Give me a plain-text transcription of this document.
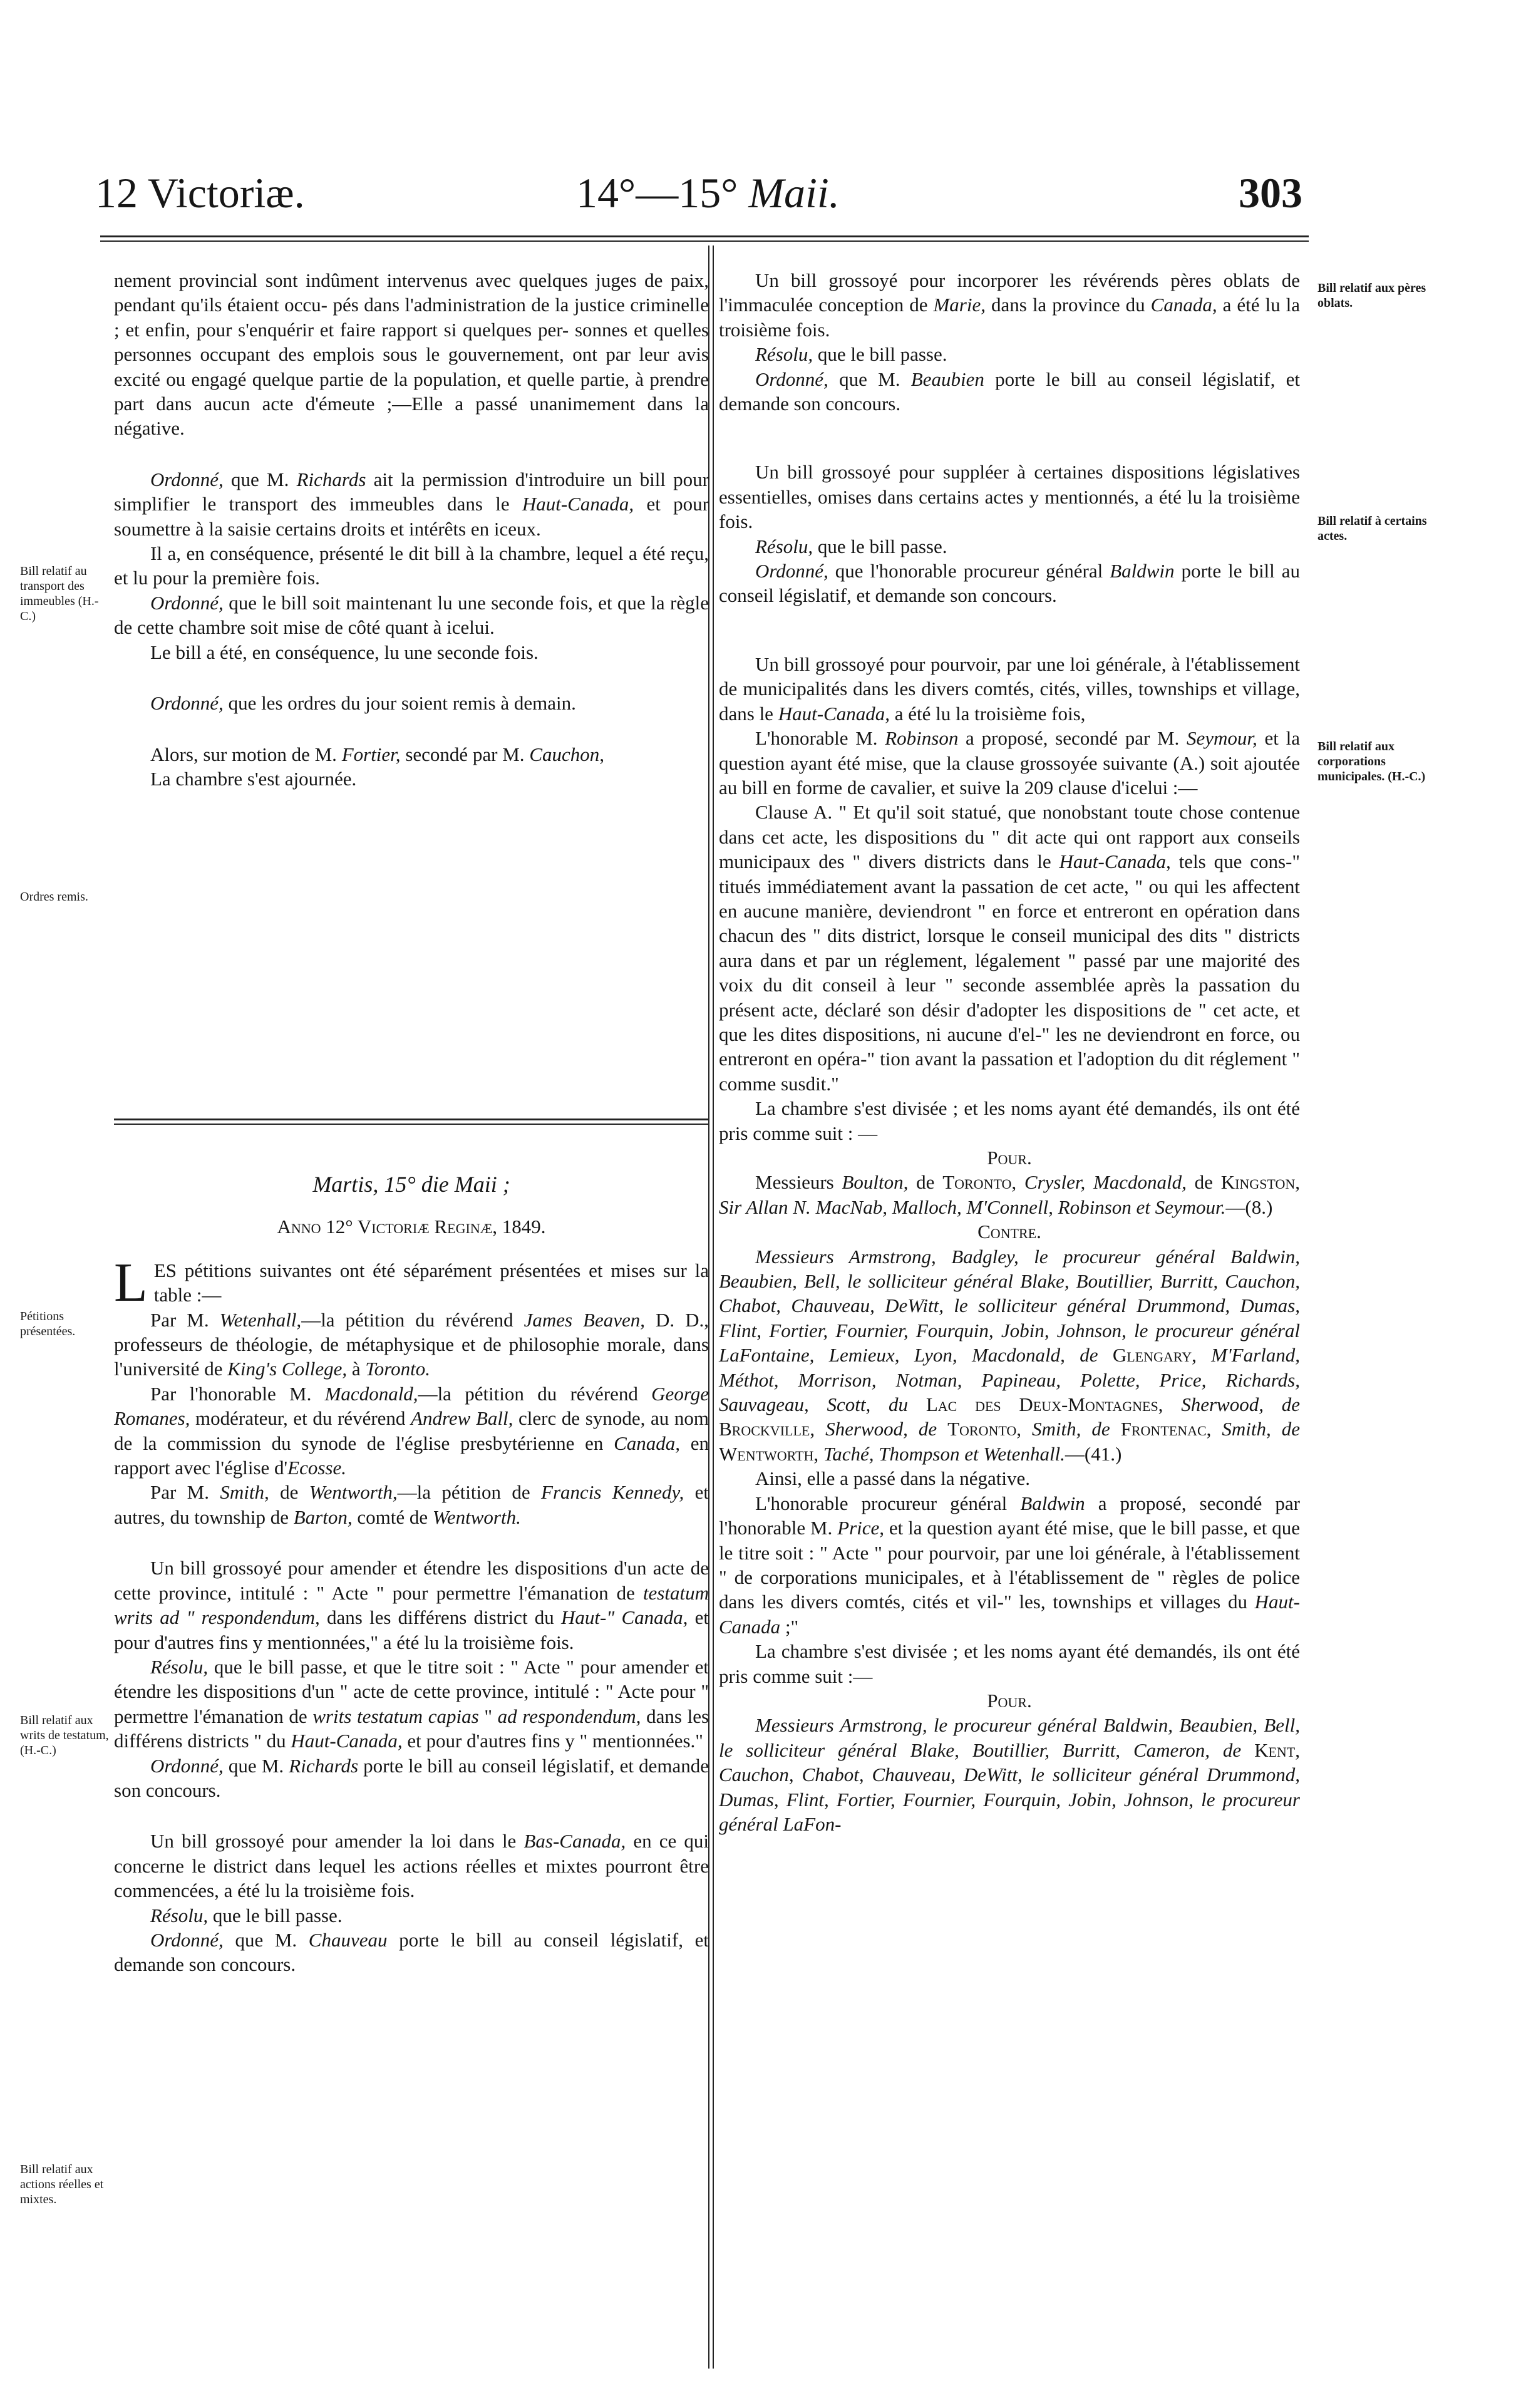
12 Victoriæ.	14°—15° Maii.	303
Bill relatif au transport des immeubles (H.-C.)
Ordres remis.
Pétitions présentées.
Bill relatif aux writs de testatum, (H.-C.)
Bill relatif aux actions réelles et mixtes.
Bill relatif aux pères oblats.
Bill relatif à certains actes.
Bill relatif aux corporations municipales. (H.-C.)

nement provincial sont indûment intervenus avec quelques juges de paix, pendant qu'ils étaient occu- pés dans l'administration de la justice criminelle ; et enfin, pour s'enquérir et faire rapport si quelques per- sonnes et quelles personnes occupant des emplois sous le gouvernement, ont par leur avis excité ou engagé quelque partie de la population, et quelle partie, à prendre part dans aucun acte d'émeute ;—Elle a passé unanimement dans la négative.

Ordonné, que M. Richards ait la permission d'introduire un bill pour simplifier le transport des immeubles dans le Haut-Canada, et pour soumettre à la saisie certains droits et intérêts en iceux.

Il a, en conséquence, présenté le dit bill à la chambre, lequel a été reçu, et lu pour la première fois.

Ordonné, que le bill soit maintenant lu une seconde fois, et que la règle de cette chambre soit mise de côté quant à icelui.

Le bill a été, en conséquence, lu une seconde fois.

Ordonné, que les ordres du jour soient remis à demain.

Alors, sur motion de M. Fortier, secondé par M. Cauchon,

La chambre s'est ajournée.

Martis, 15° die Maii ;

Anno 12° Victoriæ Reginæ, 1849.

LES pétitions suivantes ont été séparément présentées et mises sur la table :—

Par M. Wetenhall,—la pétition du révérend James Beaven, D. D., professeurs de théologie, de métaphysique et de philosophie morale, dans l'université de King's College, à Toronto.

Par l'honorable M. Macdonald,—la pétition du révérend George Romanes, modérateur, et du révérend Andrew Ball, clerc de synode, au nom de la commission du synode de l'église presbytérienne en Canada, en rapport avec l'église d'Ecosse.

Par M. Smith, de Wentworth,—la pétition de Francis Kennedy, et autres, du township de Barton, comté de Wentworth.

Un bill grossoyé pour amender et étendre les dispositions d'un acte de cette province, intitulé : " Acte " pour permettre l'émanation de testatum writs ad " respondendum, dans les différens district du Haut-" Canada, et pour d'autres fins y mentionnées," a été lu la troisième fois.

Résolu, que le bill passe, et que le titre soit : " Acte " pour amender et étendre les dispositions d'un " acte de cette province, intitulé : " Acte pour " permettre l'émanation de writs testatum capias " ad respondendum, dans les différens districts " du Haut-Canada, et pour d'autres fins y " mentionnées."

Ordonné, que M. Richards porte le bill au conseil législatif, et demande son concours.

Un bill grossoyé pour amender la loi dans le Bas-Canada, en ce qui concerne le district dans lequel les actions réelles et mixtes pourront être commencées, a été lu la troisième fois.

Résolu, que le bill passe.

Ordonné, que M. Chauveau porte le bill au conseil législatif, et demande son concours.

Un bill grossoyé pour incorporer les révérends pères oblats de l'immaculée conception de Marie, dans la province du Canada, a été lu la troisième fois.

Résolu, que le bill passe.

Ordonné, que M. Beaubien porte le bill au conseil législatif, et demande son concours.

Un bill grossoyé pour suppléer à certaines dispositions législatives essentielles, omises dans certains actes y mentionnés, a été lu la troisième fois.

Résolu, que le bill passe.

Ordonné, que l'honorable procureur général Baldwin porte le bill au conseil législatif, et demande son concours.

Un bill grossoyé pour pourvoir, par une loi générale, à l'établissement de municipalités dans les divers comtés, cités, villes, townships et village, dans le Haut-Canada, a été lu la troisième fois,

L'honorable M. Robinson a proposé, secondé par M. Seymour, et la question ayant été mise, que la clause grossoyée suivante (A.) soit ajoutée au bill en forme de cavalier, et suive la 209 clause d'icelui :—

Clause A. " Et qu'il soit statué, que nonobstant toute chose contenue dans cet acte, les dispositions du " dit acte qui ont rapport aux conseils municipaux des " divers districts dans le Haut-Canada, tels que cons-" titués immédiatement avant la passation de cet acte, " ou qui les affectent en aucune manière, deviendront " en force et entreront en opération dans chacun des " dits district, lorsque le conseil municipal des dits " districts aura dans et par un réglement, légalement " passé par une majorité des voix du dit conseil à leur " seconde assemblée après la passation du présent acte, déclaré son désir d'adopter les dispositions de " cet acte, et que les dites dispositions, ni aucune d'el-" les ne deviendront en force, ou entreront en opéra-" tion avant la passation et l'adoption du dit réglement " comme susdit."

La chambre s'est divisée ; et les noms ayant été demandés, ils ont été pris comme suit : —

Pour.

Messieurs Boulton, de Toronto, Crysler, Macdonald, de Kingston, Sir Allan N. MacNab, Malloch, M'Connell, Robinson et Seymour.—(8.)

Contre.

Messieurs Armstrong, Badgley, le procureur général Baldwin, Beaubien, Bell, le solliciteur général Blake, Boutillier, Burritt, Cauchon, Chabot, Chauveau, DeWitt, le solliciteur général Drummond, Dumas, Flint, Fortier, Fournier, Fourquin, Jobin, Johnson, le procureur général LaFontaine, Lemieux, Lyon, Macdonald, de Glengary, M'Farland, Méthot, Morrison, Notman, Papineau, Polette, Price, Richards, Sauvageau, Scott, du Lac des Deux-Montagnes, Sherwood, de Brockville, Sherwood, de Toronto, Smith, de Frontenac, Smith, de Wentworth, Taché, Thompson et Wetenhall.—(41.)

Ainsi, elle a passé dans la négative.

L'honorable procureur général Baldwin a proposé, secondé par l'honorable M. Price, et la question ayant été mise, que le bill passe, et que le titre soit : " Acte " pour pourvoir, par une loi générale, à l'établissement " de corporations municipales, et à l'établissement de " règles de police dans les divers comtés, cités et vil-" les, townships et villages du Haut-Canada ;"

La chambre s'est divisée ; et les noms ayant été demandés, ils ont été pris comme suit :—

Pour.

Messieurs Armstrong, le procureur général Baldwin, Beaubien, Bell, le solliciteur général Blake, Boutillier, Burritt, Cameron, de Kent, Cauchon, Chabot, Chauveau, DeWitt, le solliciteur général Drummond, Dumas, Flint, Fortier, Fournier, Fourquin, Jobin, Johnson, le procureur général LaFon-
